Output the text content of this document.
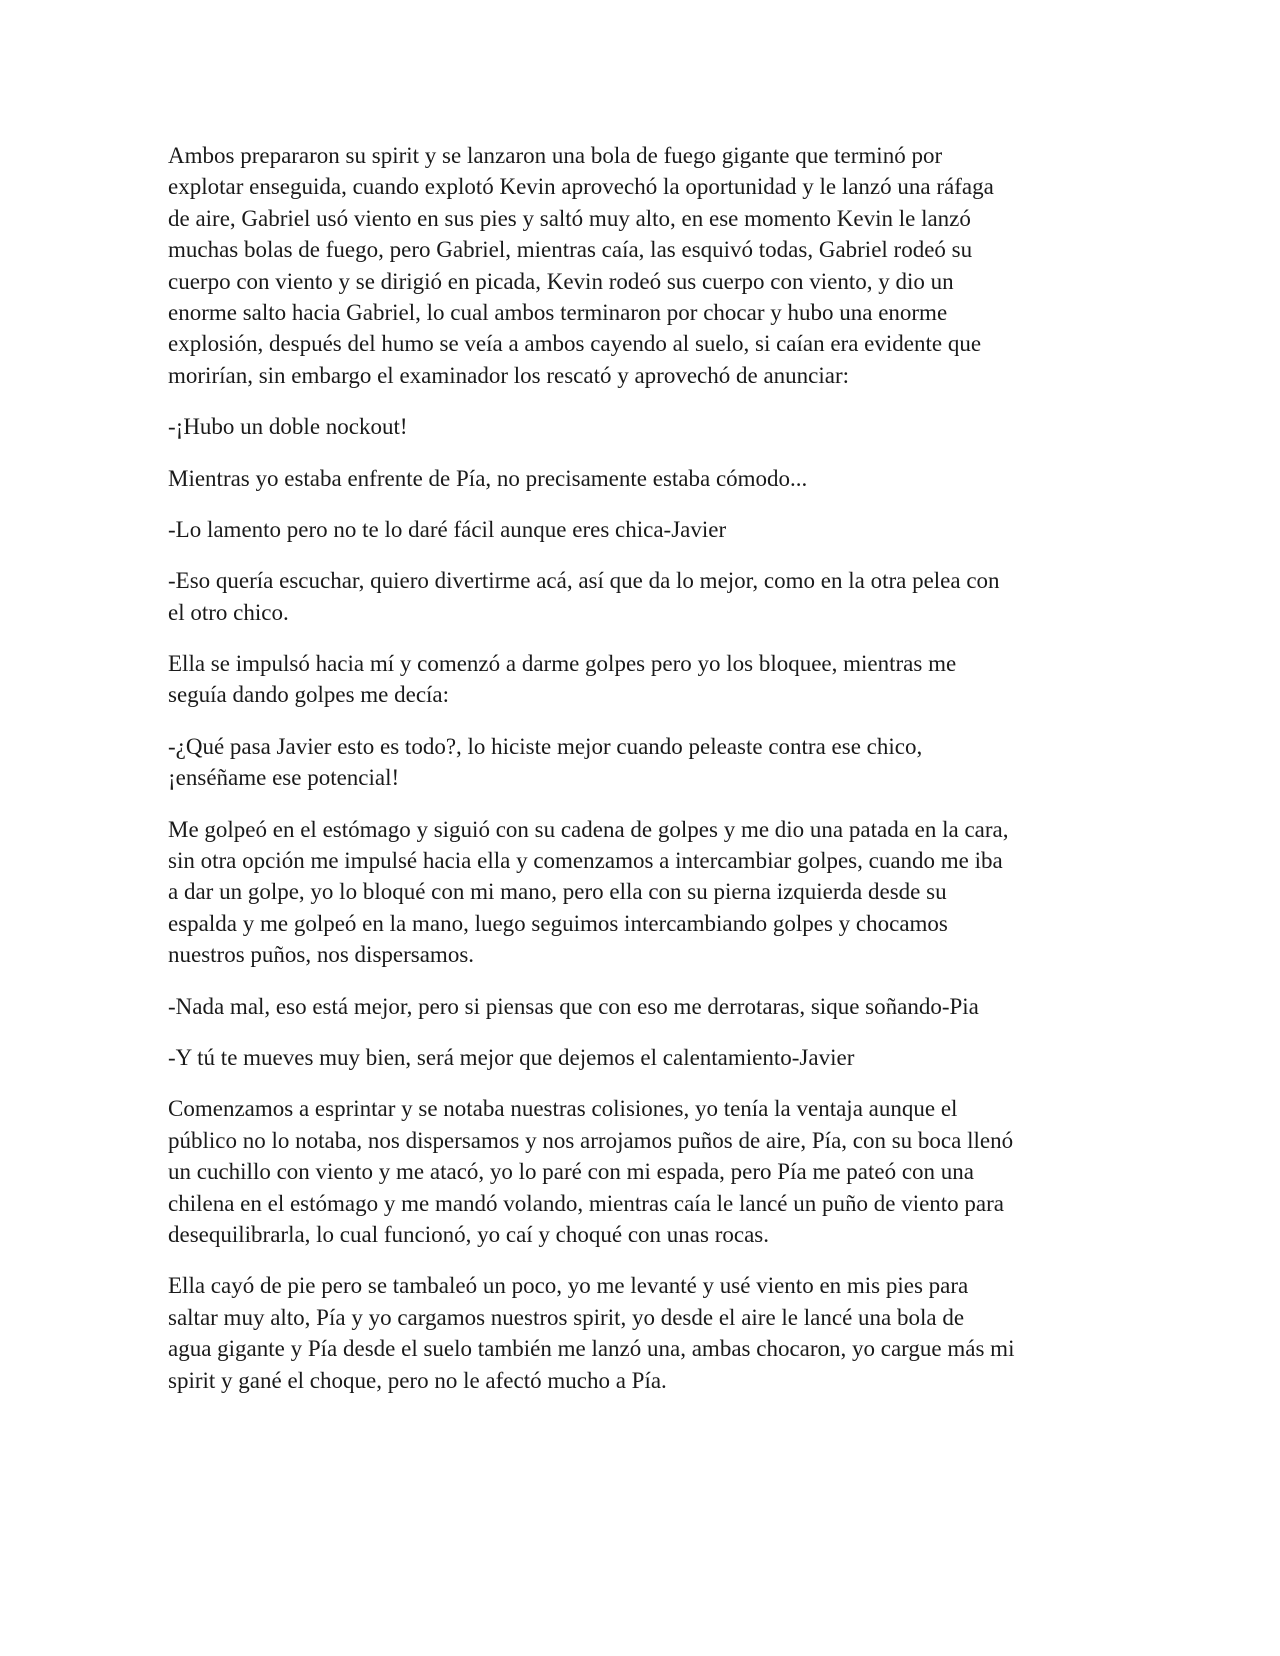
Ambos prepararon su spirit y se lanzaron una bola de fuego gigante que terminó por
explotar enseguida, cuando explotó Kevin aprovechó la oportunidad y le lanzó una ráfaga
de aire, Gabriel usó viento en sus pies y saltó muy alto, en ese momento Kevin le lanzó
muchas bolas de fuego, pero Gabriel, mientras caía, las esquivó todas, Gabriel rodeó su
cuerpo con viento y se dirigió en picada, Kevin rodeó sus cuerpo con viento, y dio un
enorme salto hacia Gabriel, lo cual ambos terminaron por chocar y hubo una enorme
explosión, después del humo se veía a ambos cayendo al suelo, si caían era evidente que
morirían, sin embargo el examinador los rescató y aprovechó de anunciar:

-¡Hubo un doble nockout!

Mientras yo estaba enfrente de Pía, no precisamente estaba cómodo...

-Lo lamento pero no te lo daré fácil aunque eres chica-Javier

-Eso quería escuchar, quiero divertirme acá, así que da lo mejor, como en la otra pelea con
el otro chico.

Ella se impulsó hacia mí y comenzó a darme golpes pero yo los bloquee, mientras me
seguía dando golpes me decía:

-¿Qué pasa Javier esto es todo?, lo hiciste mejor cuando peleaste contra ese chico,
¡enséñame ese potencial!

Me golpeó en el estómago y siguió con su cadena de golpes y me dio una patada en la cara,
sin otra opción me impulsé hacia ella y comenzamos a intercambiar golpes, cuando me iba
a dar un golpe, yo lo bloqué con mi mano, pero ella con su pierna izquierda desde su
espalda y me golpeó en la mano, luego seguimos intercambiando golpes y chocamos
nuestros puños, nos dispersamos.

-Nada mal, eso está mejor, pero si piensas que con eso me derrotaras, sique soñando-Pia

-Y tú te mueves muy bien, será mejor que dejemos el calentamiento-Javier

Comenzamos a esprintar y se notaba nuestras colisiones, yo tenía la ventaja aunque el
público no lo notaba, nos dispersamos y nos arrojamos puños de aire, Pía, con su boca llenó
un cuchillo con viento y me atacó, yo lo paré con mi espada, pero Pía me pateó con una
chilena en el estómago y me mandó volando, mientras caía le lancé un puño de viento para
desequilibrarla, lo cual funcionó, yo caí y choqué con unas rocas.

Ella cayó de pie pero se tambaleó un poco, yo me levanté y usé viento en mis pies para
saltar muy alto, Pía y yo cargamos nuestros spirit, yo desde el aire le lancé una bola de
agua gigante y Pía desde el suelo también me lanzó una, ambas chocaron, yo cargue más mi
spirit y gané el choque, pero no le afectó mucho a Pía.
